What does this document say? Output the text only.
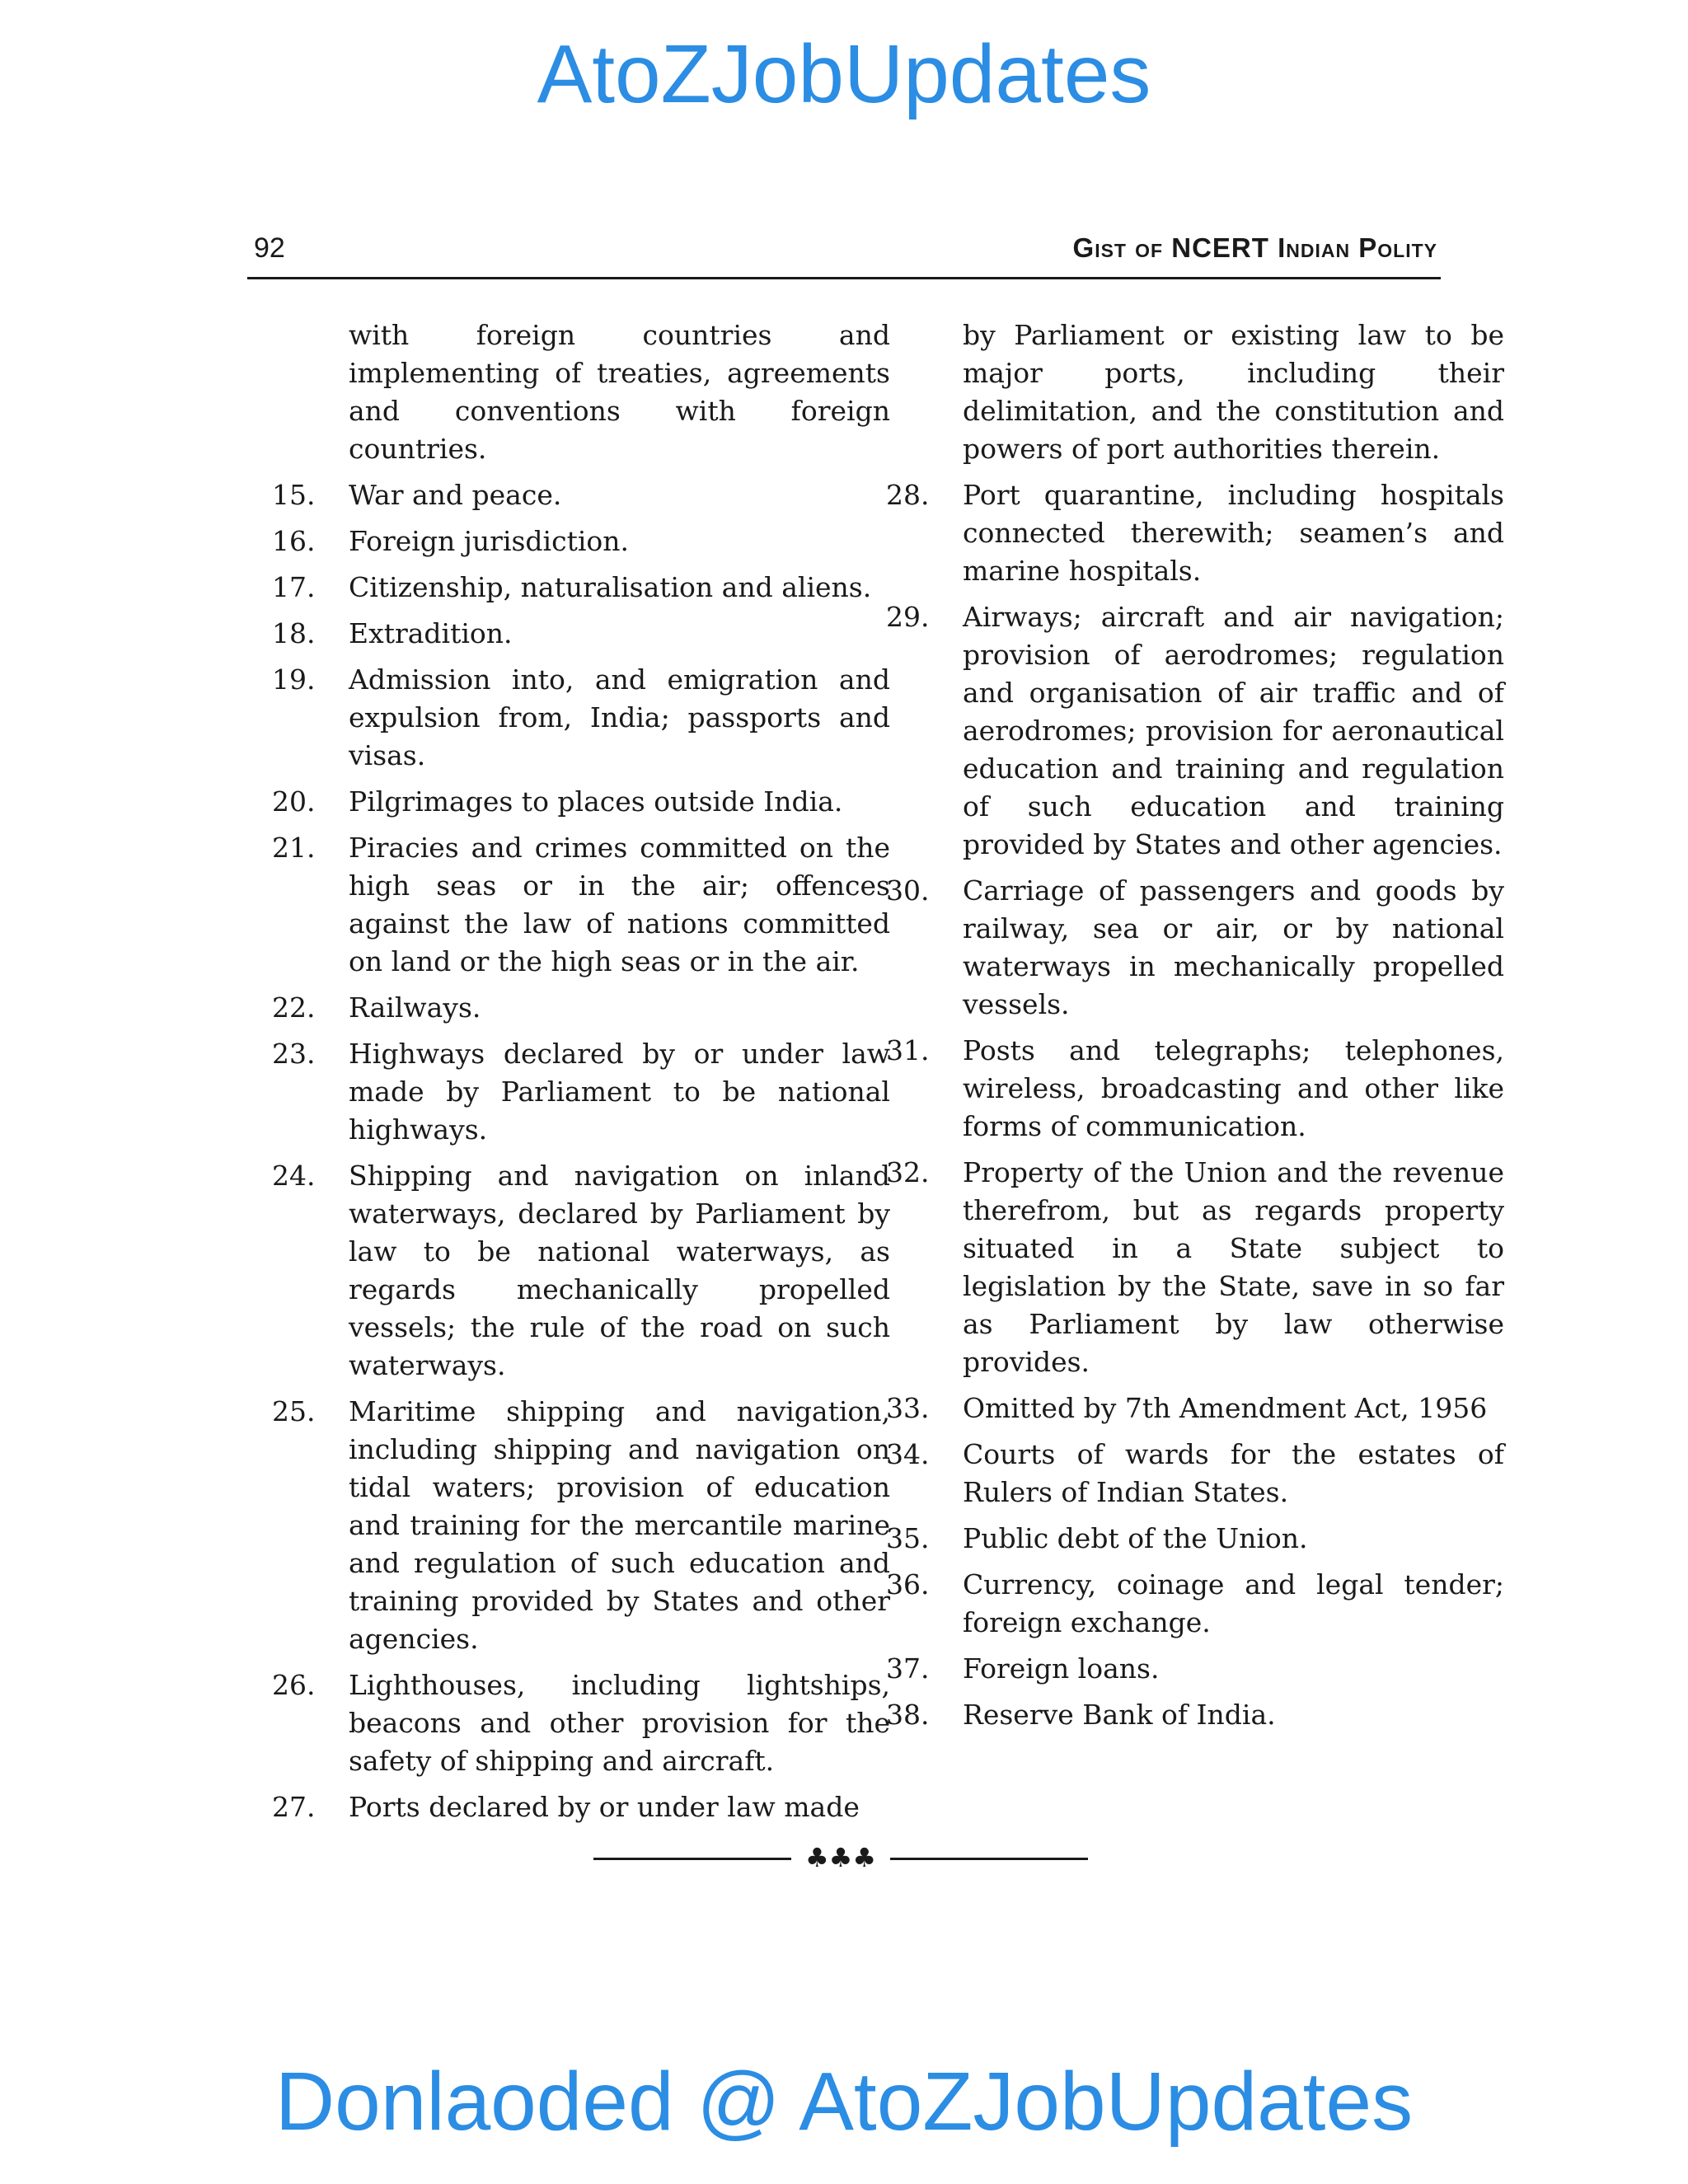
AtoZJobUpdates
92	Gist of NCERT Indian Polity
with foreign countries and implementing of treaties, agreements and conventions with foreign countries.
15.	War and peace.
16.	Foreign jurisdiction.
17.	Citizenship, naturalisation and aliens.
18.	Extradition.
19.	Admission into, and emigration and expulsion from, India; passports and visas.
20.	Pilgrimages to places outside India.
21.	Piracies and crimes committed on the high seas or in the air; offences against the law of nations committed on land or the high seas or in the air.
22.	Railways.
23.	Highways declared by or under law made by Parliament to be national highways.
24.	Shipping and navigation on inland waterways, declared by Parliament by law to be national waterways, as regards mechanically propelled vessels; the rule of the road on such waterways.
25.	Maritime shipping and navigation, including shipping and navigation on tidal waters; provision of education and training for the mercantile marine and regulation of such education and training provided by States and other agencies.
26.	Lighthouses, including lightships, beacons and other provision for the safety of shipping and aircraft.
27.	Ports declared by or under law made
by Parliament or existing law to be major ports, including their delimitation, and the constitution and powers of port authorities therein.
28.	Port quarantine, including hospitals connected therewith; seamen’s and marine hospitals.
29.	Airways; aircraft and air navigation; provision of aerodromes; regulation and organisation of air traffic and of aerodromes; provision for aeronautical education and training and regulation of such education and training provided by States and other agencies.
30.	Carriage of passengers and goods by railway, sea or air, or by national waterways in mechanically propelled vessels.
31.	Posts and telegraphs; telephones, wireless, broadcasting and other like forms of communication.
32.	Property of the Union and the revenue therefrom, but as regards property situated in a State subject to legislation by the State, save in so far as Parliament by law otherwise provides.
33.	Omitted by 7th Amendment Act, 1956
34.	Courts of wards for the estates of Rulers of Indian States.
35.	Public debt of the Union.
36.	Currency, coinage and legal tender; foreign exchange.
37.	Foreign loans.
38.	Reserve Bank of India.
♣♣♣
Donlaoded @ AtoZJobUpdates
